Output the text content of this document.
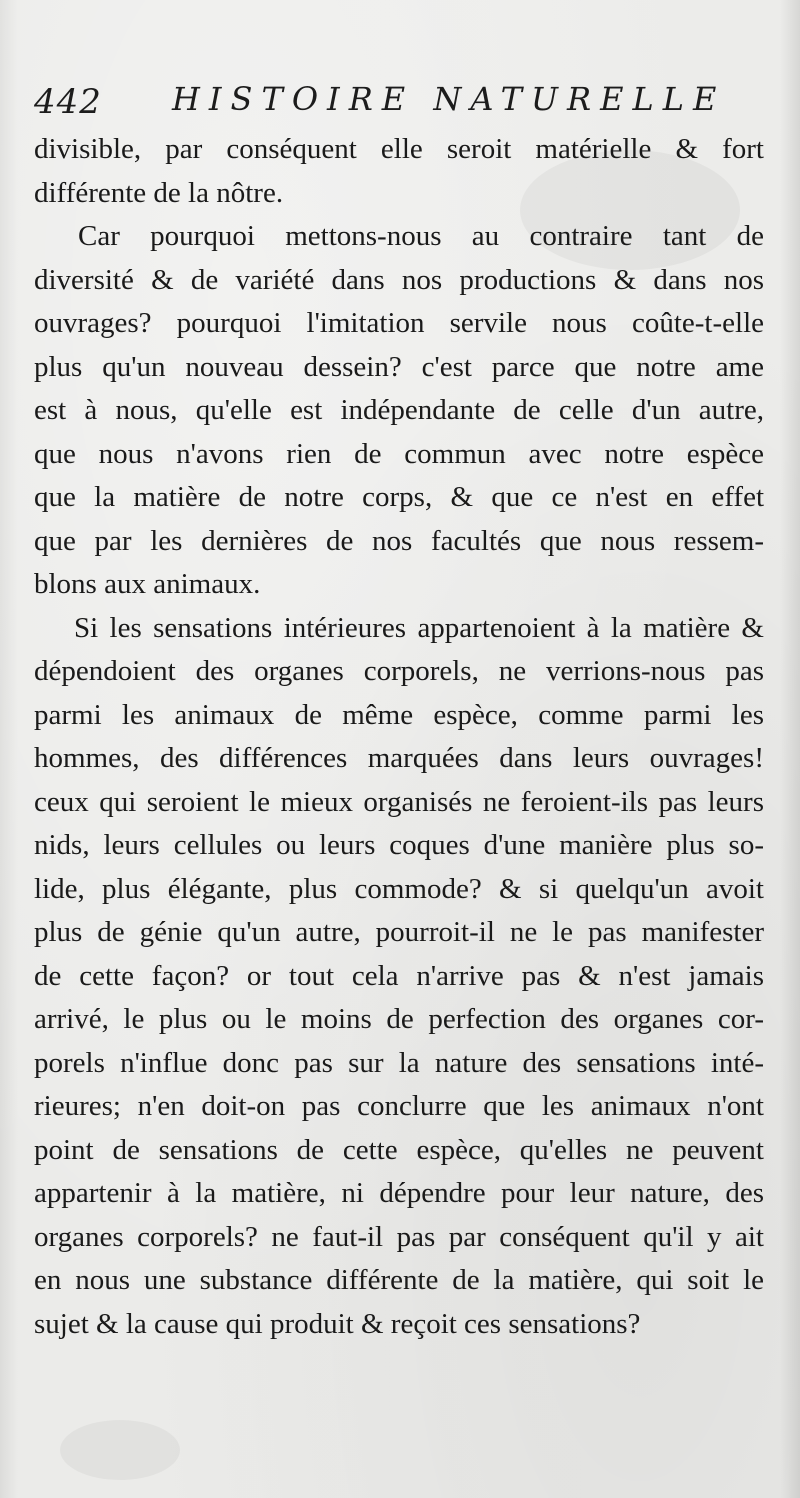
442 HISTOIRE NATURELLE
divisible, par conséquent elle seroit matérielle & fort
différente de la nôtre.
Car pourquoi mettons-nous au contraire tant de
diversité & de variété dans nos productions & dans nos
ouvrages? pourquoi l'imitation servile nous coûte-t-elle
plus qu'un nouveau dessein? c'est parce que notre ame
est à nous, qu'elle est indépendante de celle d'un autre,
que nous n'avons rien de commun avec notre espèce
que la matière de notre corps, & que ce n'est en effet
que par les dernières de nos facultés que nous ressem-
blons aux animaux.
Si les sensations intérieures appartenoient à la matière &
dépendoient des organes corporels, ne verrions-nous pas
parmi les animaux de même espèce, comme parmi les
hommes, des différences marquées dans leurs ouvrages!
ceux qui seroient le mieux organisés ne feroient-ils pas leurs
nids, leurs cellules ou leurs coques d'une manière plus so-
lide, plus élégante, plus commode? & si quelqu'un avoit
plus de génie qu'un autre, pourroit-il ne le pas manifester
de cette façon? or tout cela n'arrive pas & n'est jamais
arrivé, le plus ou le moins de perfection des organes cor-
porels n'influe donc pas sur la nature des sensations inté-
rieures; n'en doit-on pas conclurre que les animaux n'ont
point de sensations de cette espèce, qu'elles ne peuvent
appartenir à la matière, ni dépendre pour leur nature, des
organes corporels? ne faut-il pas par conséquent qu'il y ait
en nous une substance différente de la matière, qui soit le
sujet & la cause qui produit & reçoit ces sensations?
